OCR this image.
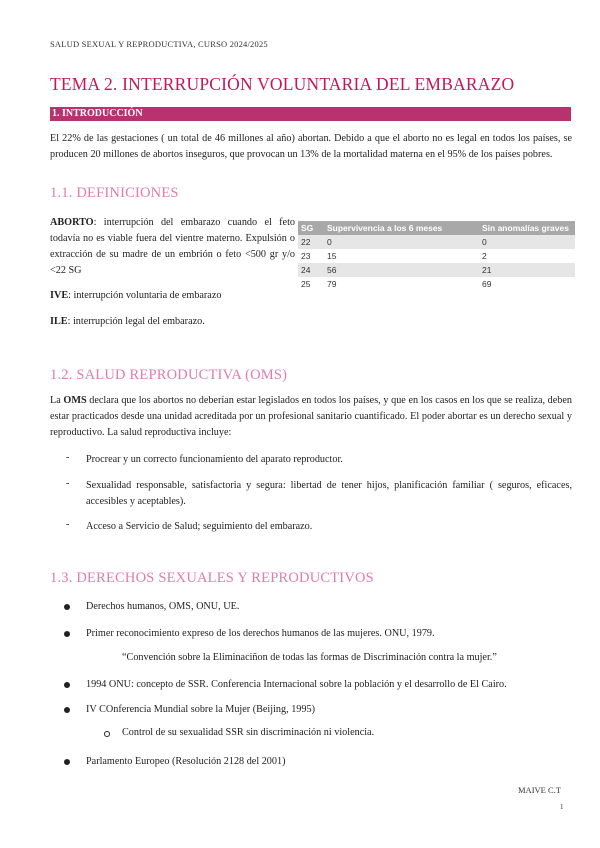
SALUD SEXUAL Y REPRODUCTIVA, CURSO 2024/2025
TEMA 2. INTERRUPCIÓN VOLUNTARIA DEL EMBARAZO
1. INTRODUCCIÓN
El 22% de las gestaciones ( un total de 46 millones al año) abortan. Debido a que el aborto no es legal en todos los países, se producen 20 millones de abortos inseguros, que provocan un 13% de la mortalidad materna en el 95% de los países pobres.
1.1. DEFINICIONES
ABORTO: interrupción del embarazo cuando el feto todavía no es viable fuera del vientre materno. Expulsión o extracción de su madre de un embrión o feto <500 gr y/o <22 SG
IVE: interrupción voluntaria de embarazo
ILE: interrupción legal del embarazo.
SG	Supervivencia a los 6 meses	Sin anomalías graves
22	0	0
23	15	2
24	56	21
25	79	69
1.2. SALUD REPRODUCTIVA (OMS)
La OMS declara que los abortos no deberían estar legislados en todos los países, y que en los casos en los que se realiza, deben estar practicados desde una unidad acreditada por un profesional sanitario cuantificado. El poder abortar es un derecho sexual y reproductivo. La salud reproductiva incluye:
- Procrear y un correcto funcionamiento del aparato reproductor.
- Sexualidad responsable, satisfactoria y segura: libertad de tener hijos, planificación familiar ( seguros, eficaces, accesibles y aceptables).
- Acceso a Servicio de Salud; seguimiento del embarazo.
1.3. DERECHOS SEXUALES Y REPRODUCTIVOS
Derechos humanos, OMS, ONU, UE.
Primer reconocimiento expreso de los derechos humanos de las mujeres. ONU, 1979.
“Convención sobre la Eliminaciñon de todas las formas de Discriminación contra la mujer.”
1994 ONU: concepto de SSR. Conferencia Internacional sobre la población y el desarrollo de El Cairo.
IV COnferencia Mundial sobre la Mujer (Beijing, 1995)
Control de su sexualidad SSR sin discriminación ni violencia.
Parlamento Europeo (Resolución 2128 del 2001)
MAIVE C.T
1
